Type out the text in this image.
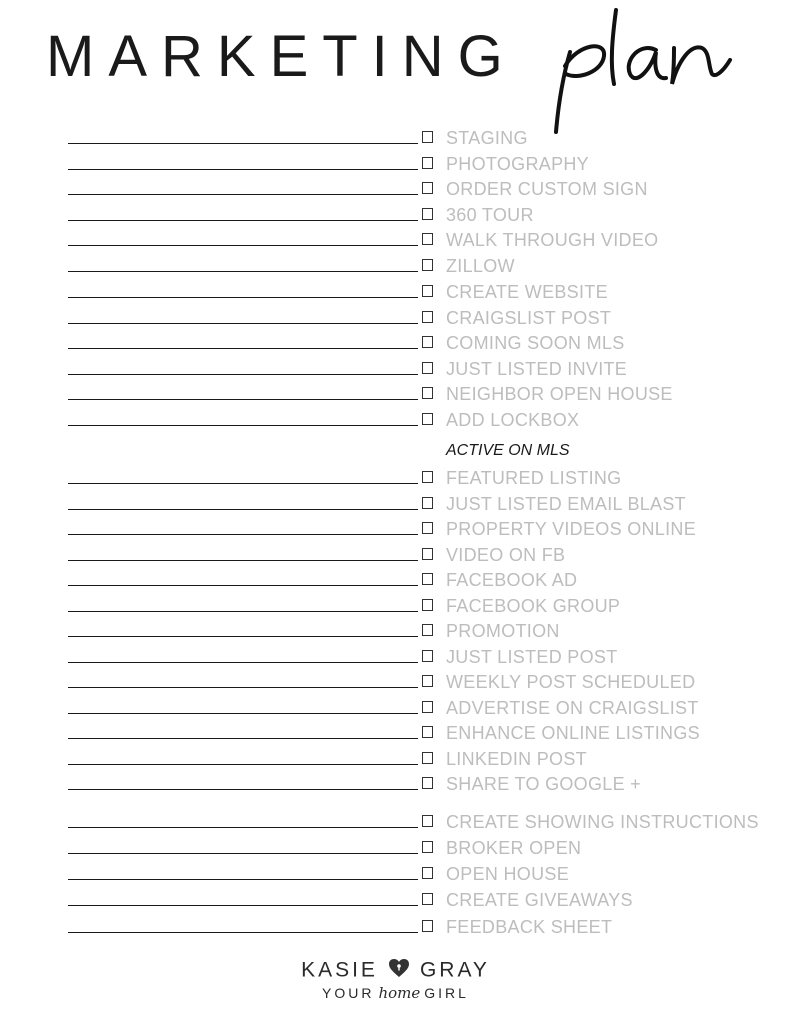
MARKETING
plan
STAGING
PHOTOGRAPHY
ORDER CUSTOM SIGN
360 TOUR
WALK THROUGH VIDEO
ZILLOW
CREATE WEBSITE
CRAIGSLIST POST
COMING SOON MLS
JUST LISTED INVITE
NEIGHBOR OPEN HOUSE
ADD LOCKBOX
FEATURED LISTING
JUST LISTED EMAIL BLAST
PROPERTY VIDEOS ONLINE
VIDEO ON FB
FACEBOOK AD
FACEBOOK GROUP
PROMOTION
JUST LISTED POST
WEEKLY POST SCHEDULED
ADVERTISE ON CRAIGSLIST
ENHANCE ONLINE LISTINGS
LINKEDIN POST
SHARE TO GOOGLE +
CREATE SHOWING INSTRUCTIONS
BROKER OPEN
OPEN HOUSE
CREATE GIVEAWAYS
FEEDBACK SHEET
ACTIVE ON MLS
KASIE GRAY
YOUR home GIRL
